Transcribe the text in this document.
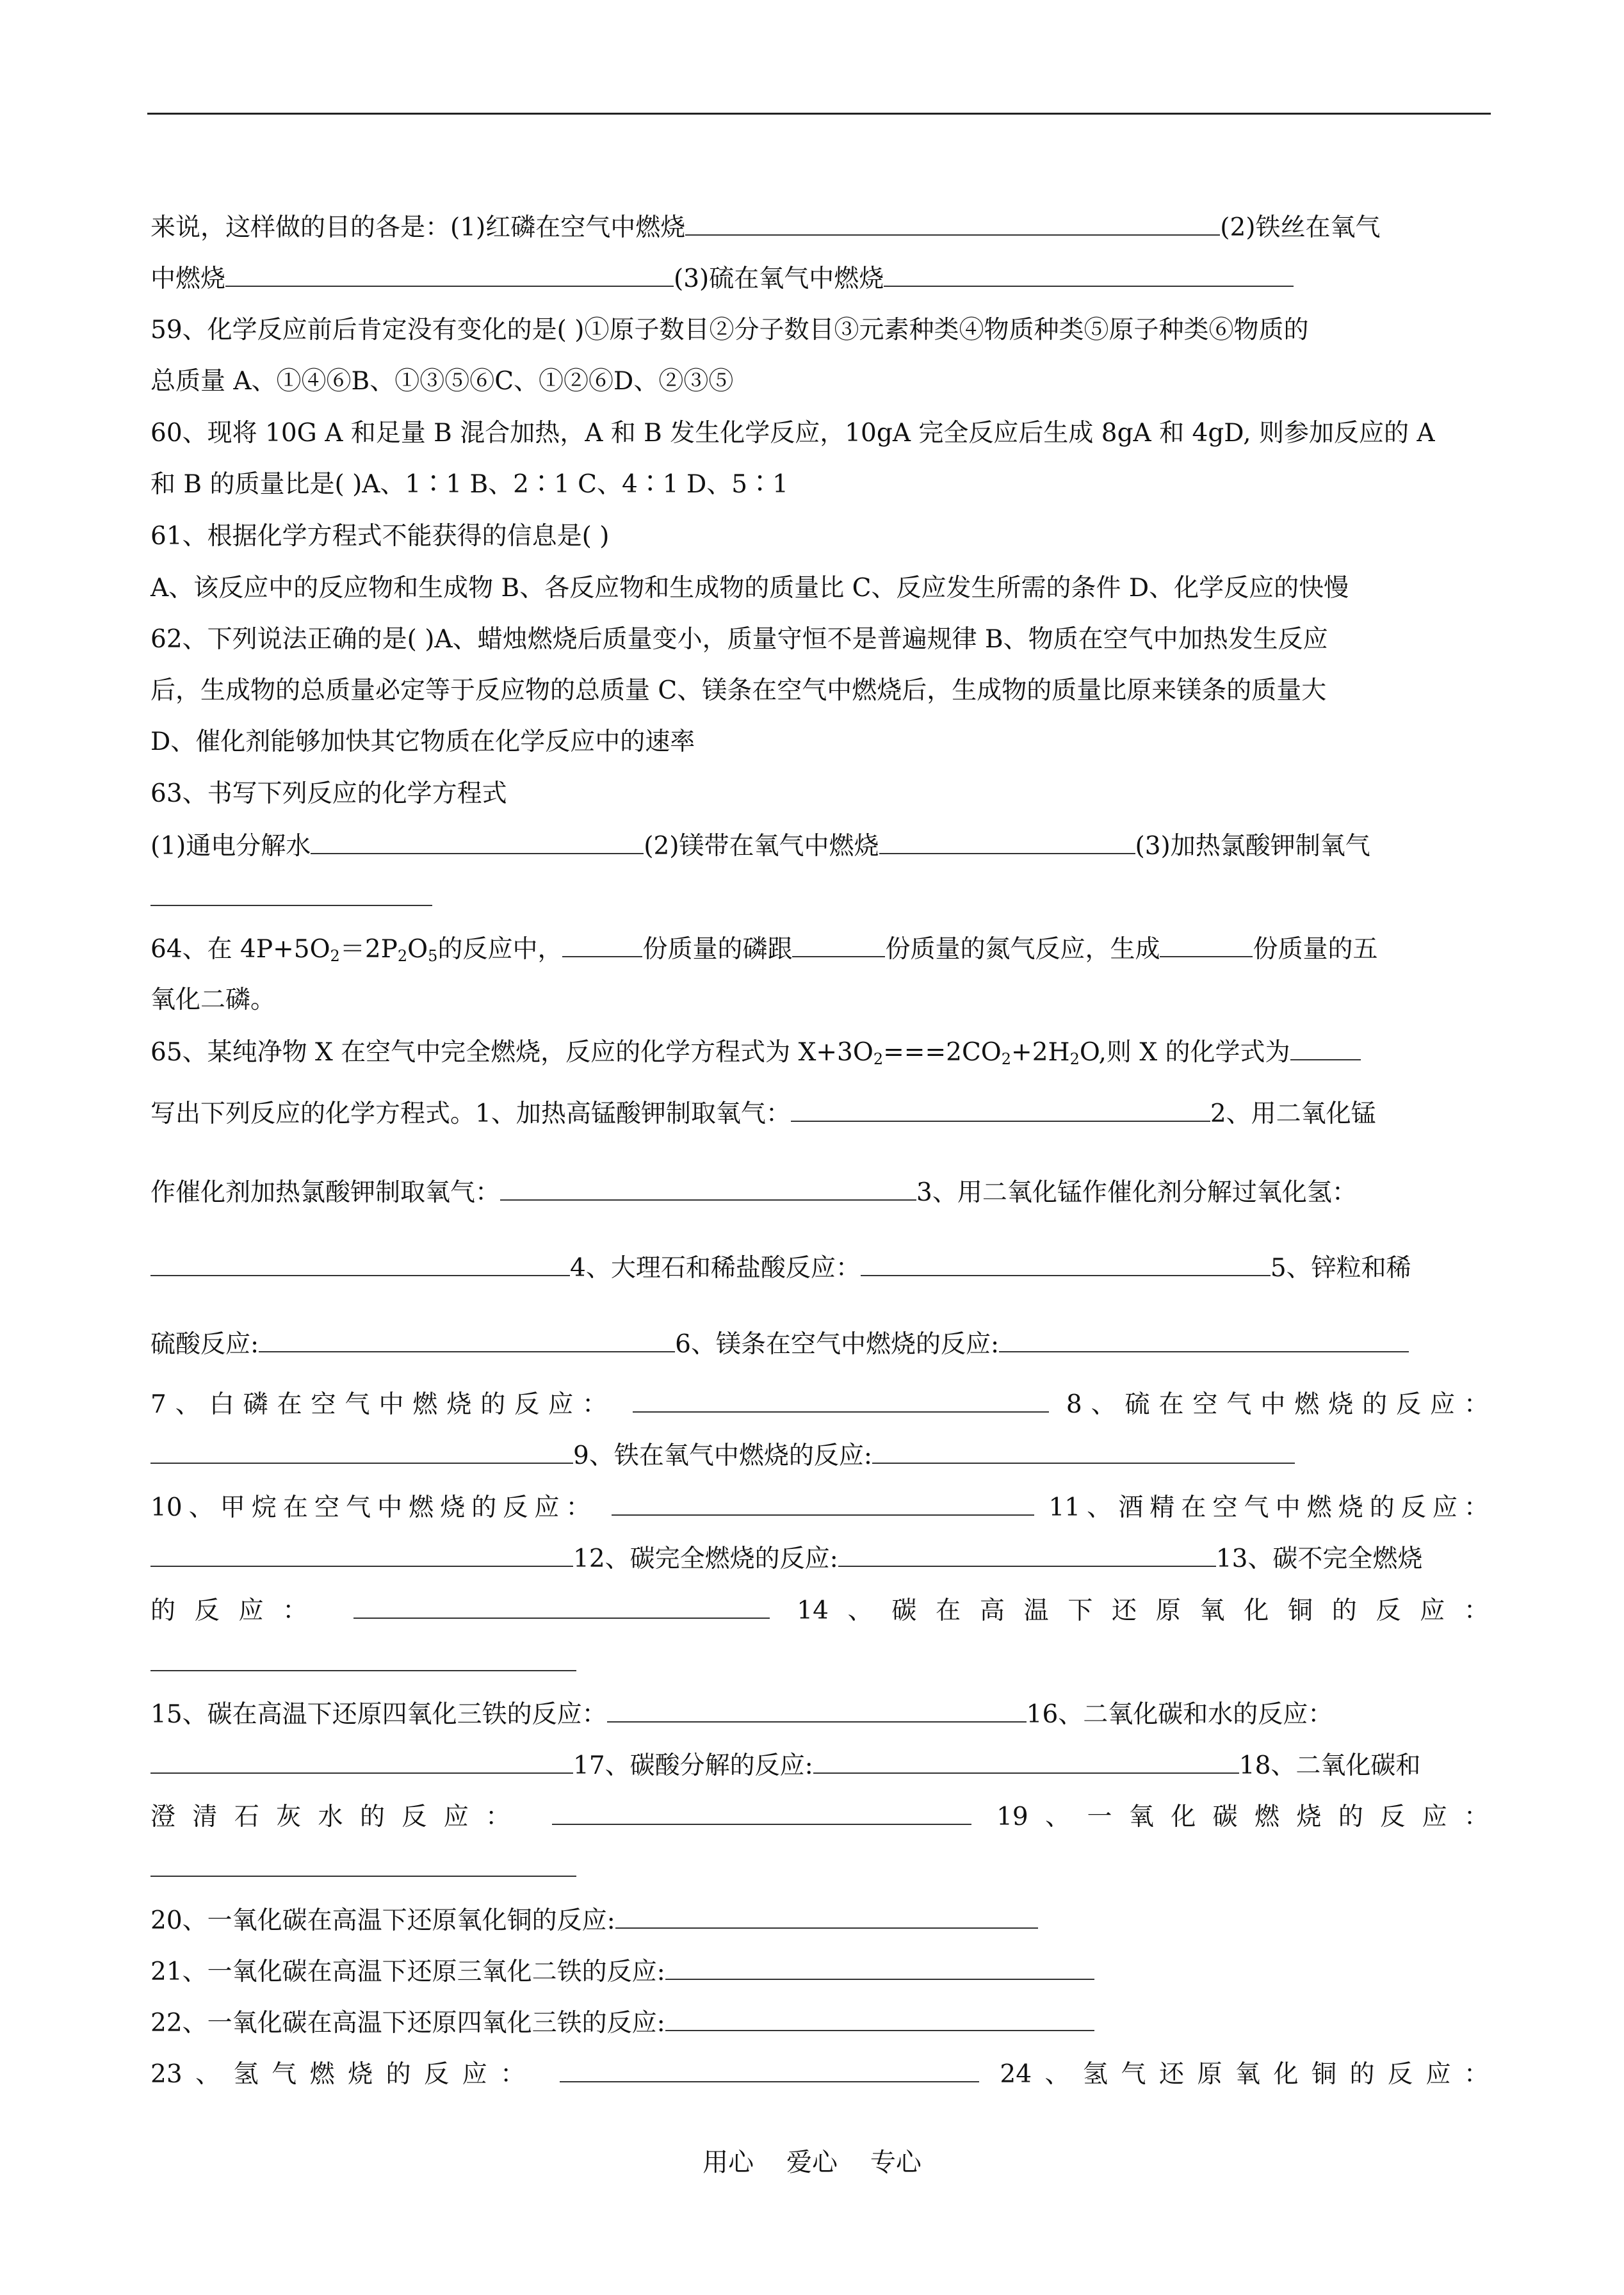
来说，这样做的目的各是：(1)红磷在空气中燃烧	(2)铁丝在氧气
中燃烧	(3)硫在氧气中燃烧
59、化学反应前后肯定没有变化的是( )①原子数目②分子数目③元素种类④物质种类⑤原子种类⑥物质的
总质量 A、①④⑥B、①③⑤⑥C、①②⑥D、②③⑤
60、现将 10G A 和足量 B 混合加热，A 和 B 发生化学反应，10gA 完全反应后生成 8gA 和 4gD, 则参加反应的 A
和 B 的质量比是( )A、1∶1 B、2∶1 C、4∶1 D、5∶1
61、根据化学方程式不能获得的信息是( )
A、该反应中的反应物和生成物 B、各反应物和生成物的质量比 C、反应发生所需的条件 D、化学反应的快慢
62、下列说法正确的是( )A、蜡烛燃烧后质量变小，质量守恒不是普遍规律 B、物质在空气中加热发生反应
后，生成物的总质量必定等于反应物的总质量 C、镁条在空气中燃烧后，生成物的质量比原来镁条的质量大
D、催化剂能够加快其它物质在化学反应中的速率
63、书写下列反应的化学方程式
(1)通电分解水	(2)镁带在氧气中燃烧	(3)加热氯酸钾制氧气
64、在 $4P+5O_2=2P_2O_5$的反应中，	份质量的磷跟	份质量的氮气反应，生成	份质量的五
氧化二磷。
65、某纯净物 X 在空气中完全燃烧，反应的化学方程式为 $X+3O_2===2CO_2+2H_2O$,则 X 的化学式为
写出下列反应的化学方程式。1、加热高锰酸钾制取氧气：	2、用二氧化锰
作催化剂加热氯酸钾制取氧气：	3、用二氧化锰作催化剂分解过氧化氢：
4、大理石和稀盐酸反应：	5、锌粒和稀
硫酸反应:	6、镁条在空气中燃烧的反应:
7、白磷在空气中燃烧的反应：	8、硫在空气中燃烧的反应：
9、铁在氧气中燃烧的反应:
10、甲烷在空气中燃烧的反应：	11、酒精在空气中燃烧的反应：
12、碳完全燃烧的反应:	13、碳不完全燃烧
的反应：	14、碳在高温下还原氧化铜的反应：
15、碳在高温下还原四氧化三铁的反应：	16、二氧化碳和水的反应：
17、碳酸分解的反应:	18、二氧化碳和
澄清石灰水的反应：	19、一氧化碳燃烧的反应：
20、一氧化碳在高温下还原氧化铜的反应:
21、一氧化碳在高温下还原三氧化二铁的反应:
22、一氧化碳在高温下还原四氧化三铁的反应:
23、氢气燃烧的反应：	24、氢气还原氧化铜的反应：
用心    爱心    专心
